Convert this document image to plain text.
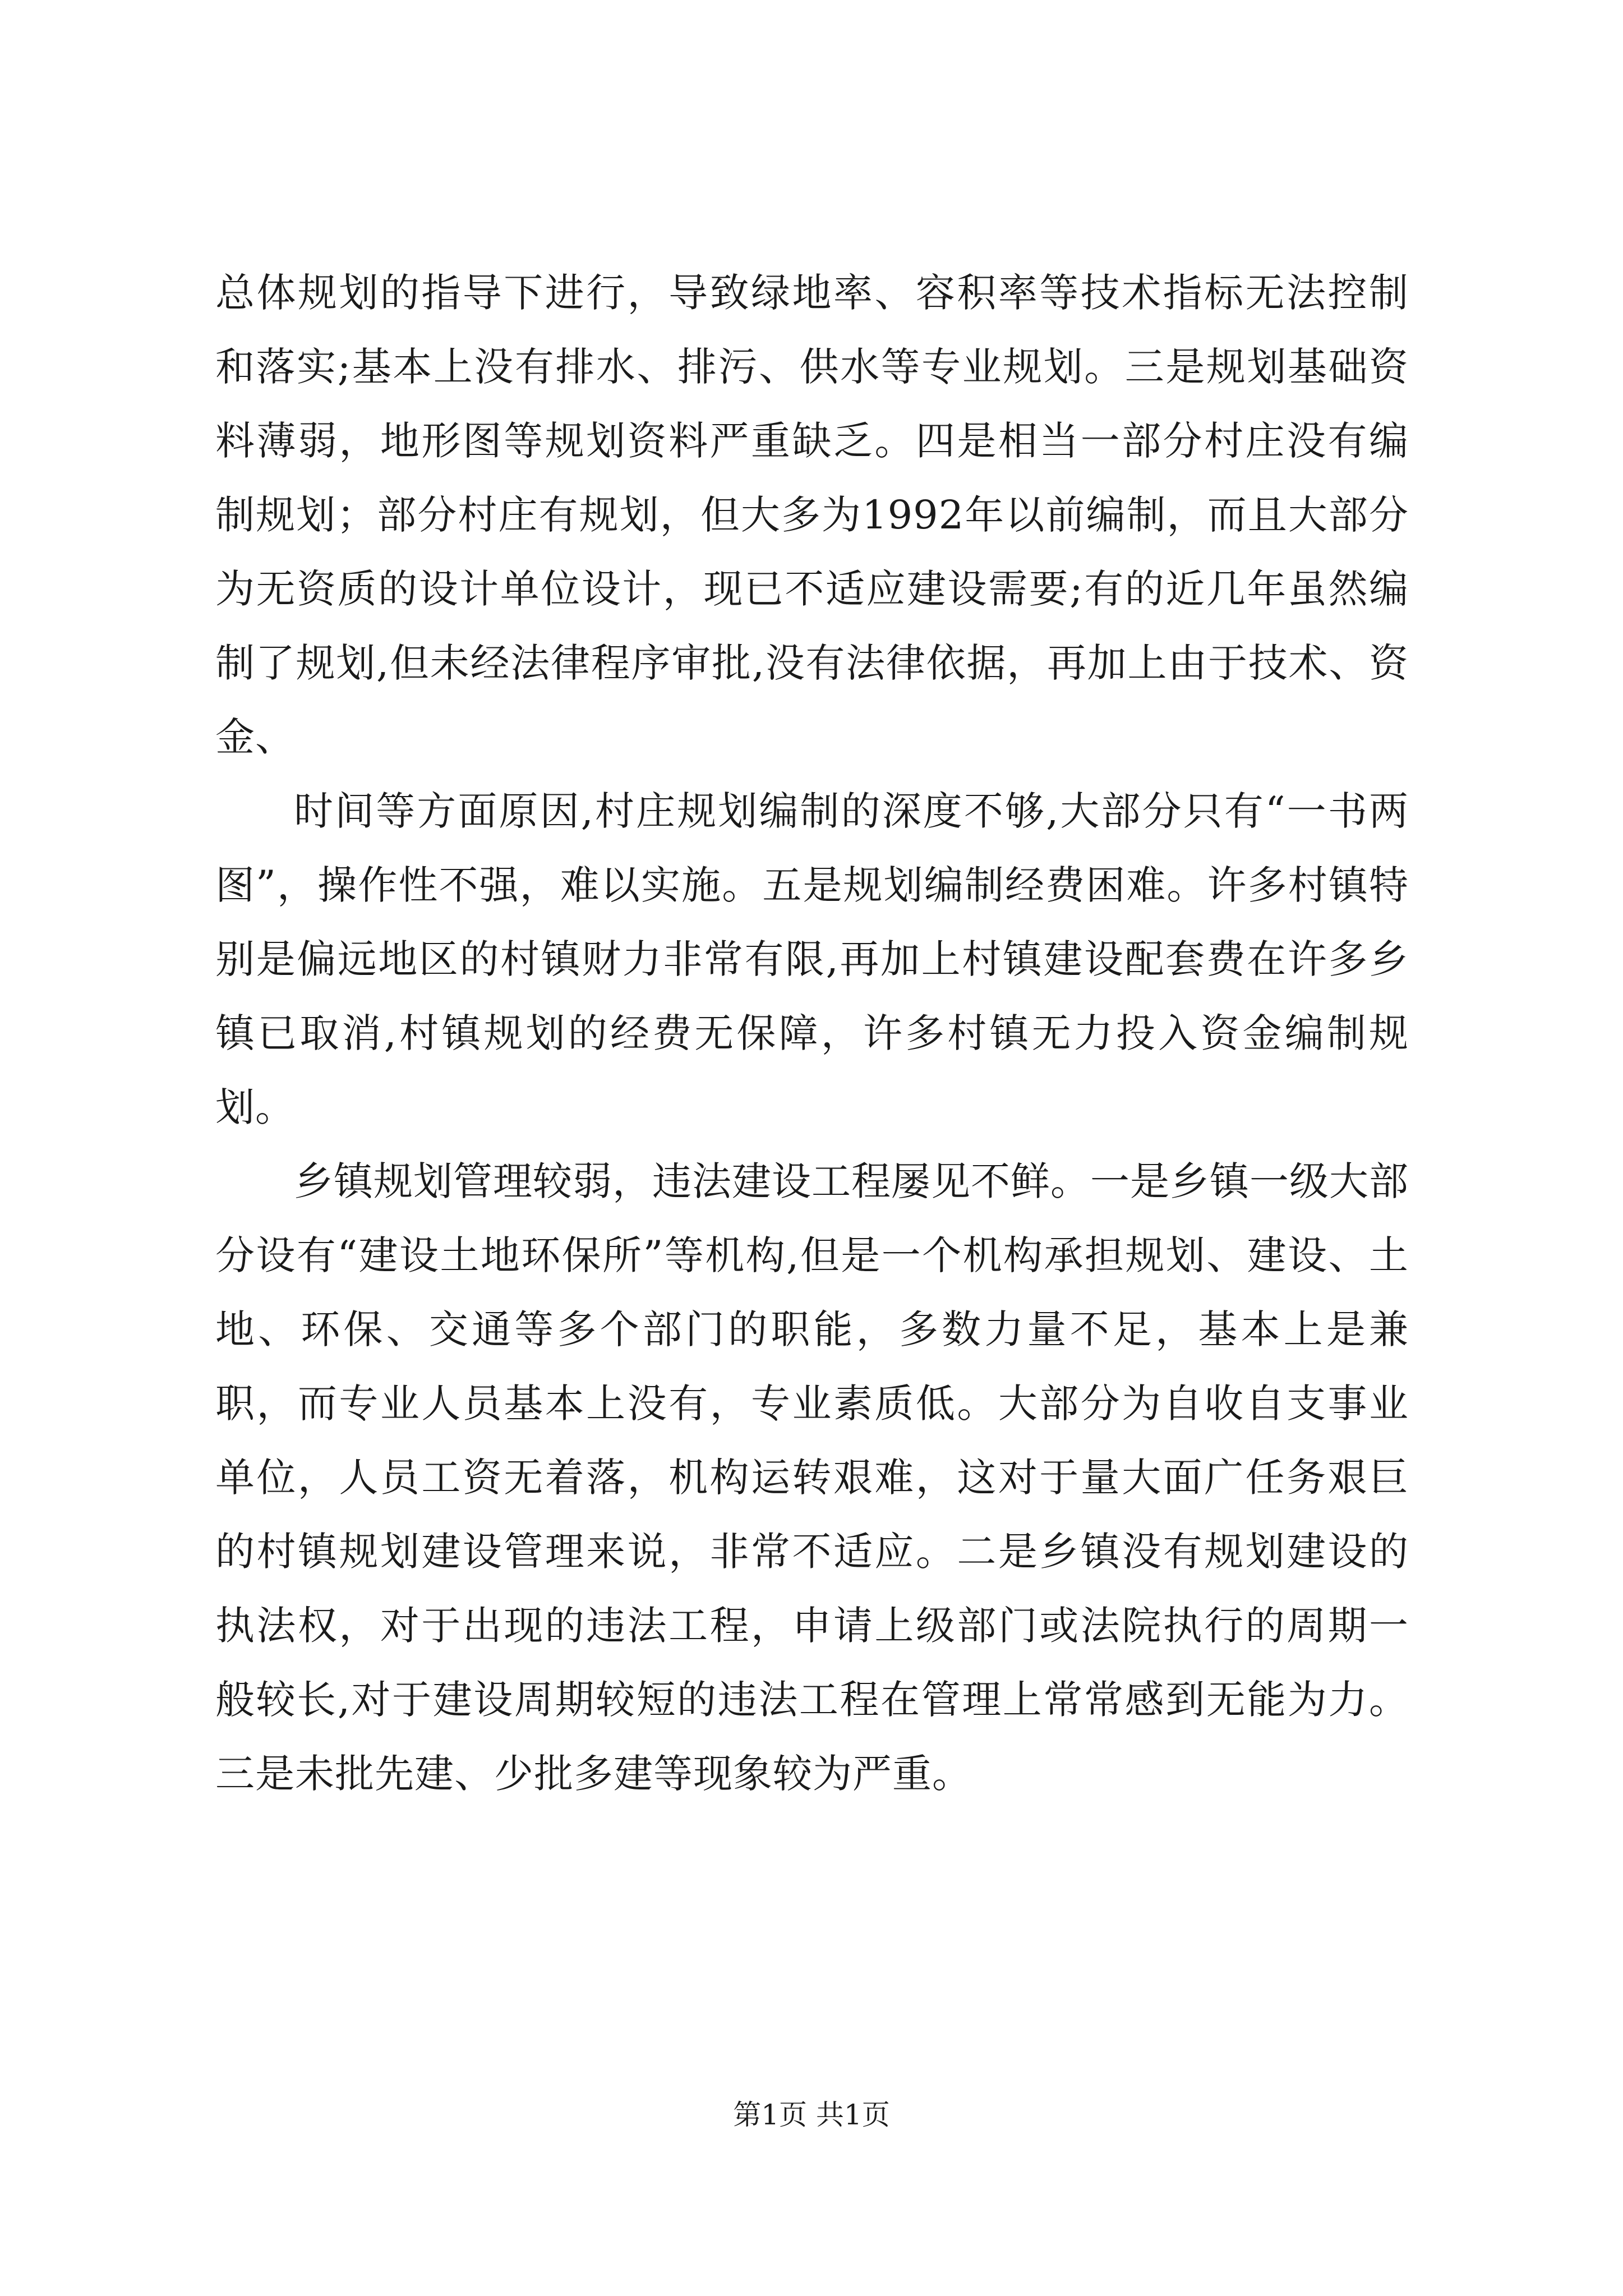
总体规划的指导下进行，导致绿地率、容积率等技术指标无法控制和落实;基本上没有排水、排污、供水等专业规划。三是规划基础资料薄弱，地形图等规划资料严重缺乏。四是相当一部分村庄没有编制规划；部分村庄有规划，但大多为1992年以前编制，而且大部分为无资质的设计单位设计，现已不适应建设需要;有的近几年虽然编制了规划,但未经法律程序审批,没有法律依据，再加上由于技术、资金、

时间等方面原因,村庄规划编制的深度不够,大部分只有“一书两图”，操作性不强，难以实施。五是规划编制经费困难。许多村镇特别是偏远地区的村镇财力非常有限,再加上村镇建设配套费在许多乡镇已取消,村镇规划的经费无保障，许多村镇无力投入资金编制规划。

乡镇规划管理较弱，违法建设工程屡见不鲜。一是乡镇一级大部分设有“建设土地环保所”等机构,但是一个机构承担规划、建设、土地、环保、交通等多个部门的职能，多数力量不足，基本上是兼职，而专业人员基本上没有，专业素质低。大部分为自收自支事业单位，人员工资无着落，机构运转艰难，这对于量大面广任务艰巨的村镇规划建设管理来说，非常不适应。二是乡镇没有规划建设的执法权，对于出现的违法工程，申请上级部门或法院执行的周期一般较长,对于建设周期较短的违法工程在管理上常常感到无能为力。三是未批先建、少批多建等现象较为严重。

第1页 共1页
